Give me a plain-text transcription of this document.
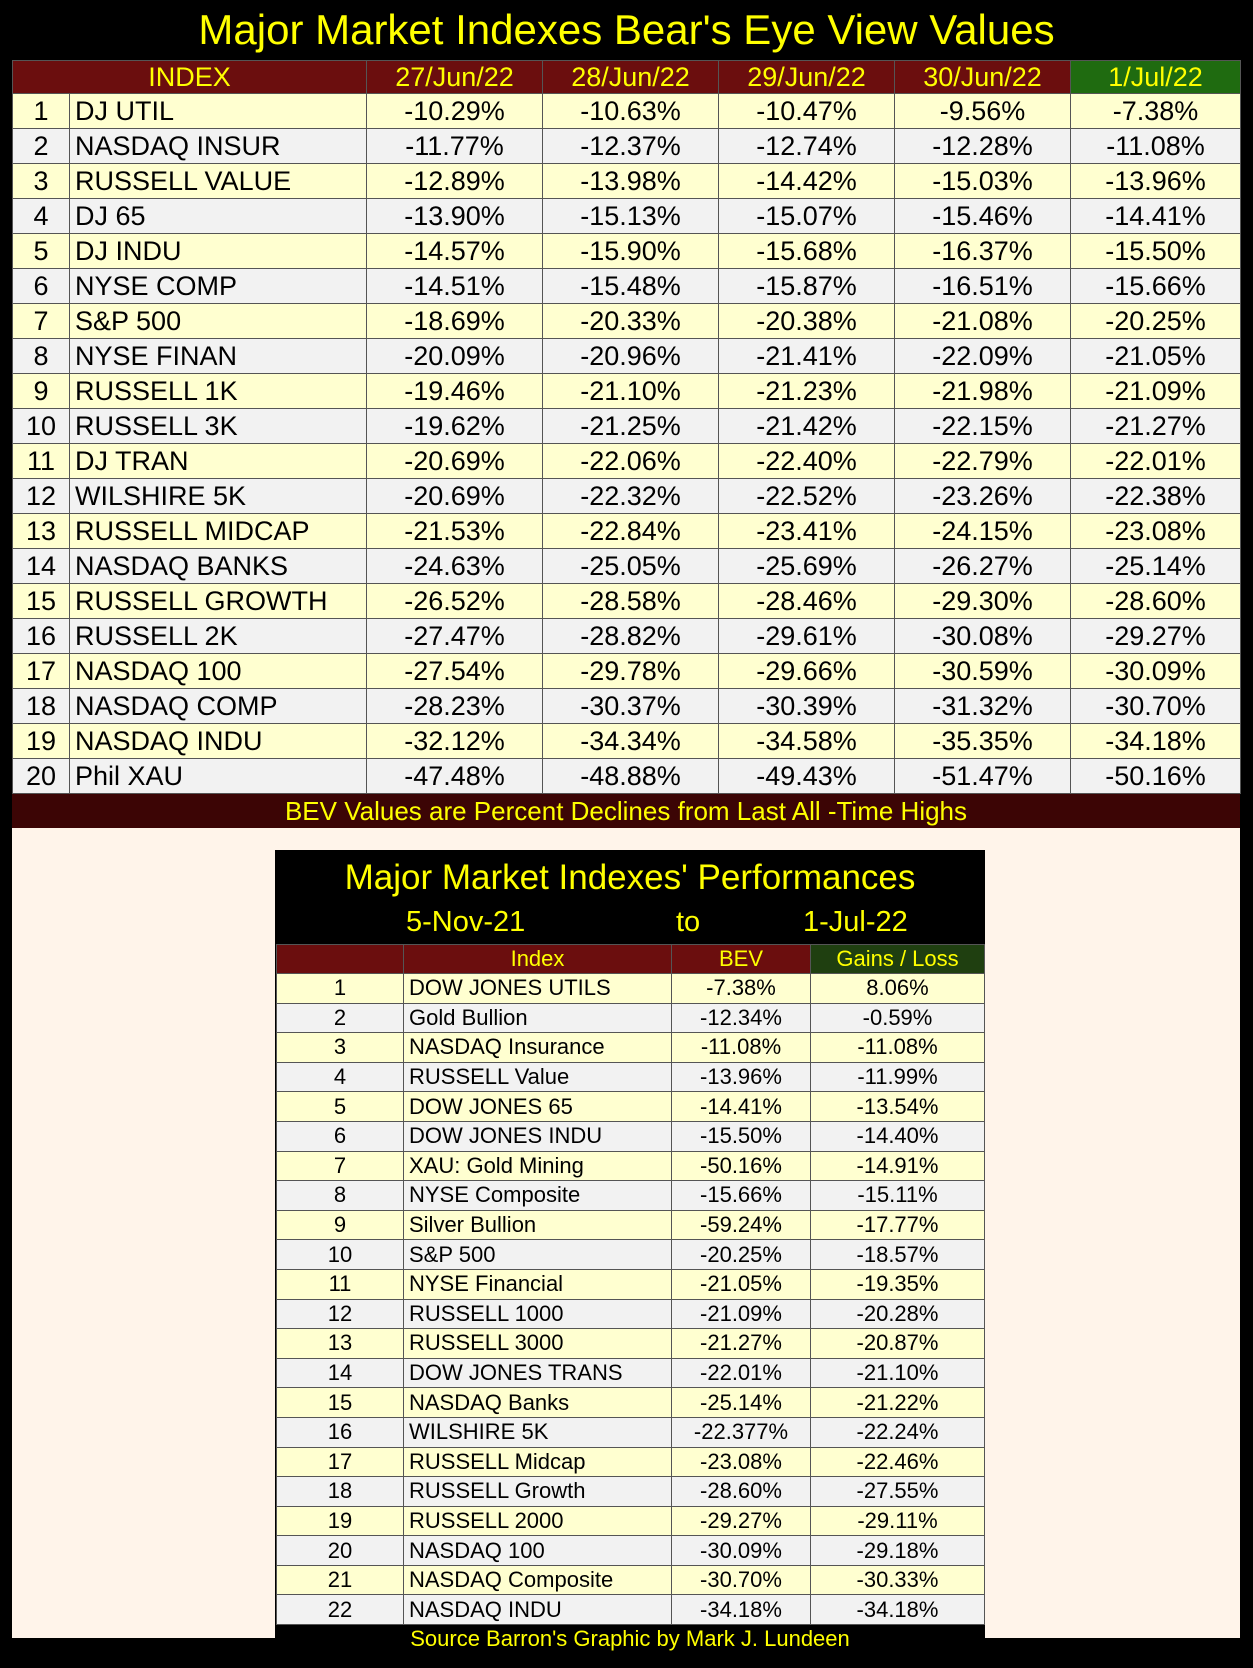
Major Market Indexes Bear's Eye View Values
INDEX		27/Jun/22	28/Jun/22	29/Jun/22	30/Jun/22	1/Jul/22
1	DJ UTIL	-10.29%	-10.63%	-10.47%	-9.56%	-7.38%
2	NASDAQ INSUR	-11.77%	-12.37%	-12.74%	-12.28%	-11.08%
3	RUSSELL VALUE	-12.89%	-13.98%	-14.42%	-15.03%	-13.96%
4	DJ 65	-13.90%	-15.13%	-15.07%	-15.46%	-14.41%
5	DJ INDU	-14.57%	-15.90%	-15.68%	-16.37%	-15.50%
6	NYSE COMP	-14.51%	-15.48%	-15.87%	-16.51%	-15.66%
7	S&P 500	-18.69%	-20.33%	-20.38%	-21.08%	-20.25%
8	NYSE FINAN	-20.09%	-20.96%	-21.41%	-22.09%	-21.05%
9	RUSSELL 1K	-19.46%	-21.10%	-21.23%	-21.98%	-21.09%
10	RUSSELL 3K	-19.62%	-21.25%	-21.42%	-22.15%	-21.27%
11	DJ TRAN	-20.69%	-22.06%	-22.40%	-22.79%	-22.01%
12	WILSHIRE 5K	-20.69%	-22.32%	-22.52%	-23.26%	-22.38%
13	RUSSELL MIDCAP	-21.53%	-22.84%	-23.41%	-24.15%	-23.08%
14	NASDAQ BANKS	-24.63%	-25.05%	-25.69%	-26.27%	-25.14%
15	RUSSELL GROWTH	-26.52%	-28.58%	-28.46%	-29.30%	-28.60%
16	RUSSELL 2K	-27.47%	-28.82%	-29.61%	-30.08%	-29.27%
17	NASDAQ 100	-27.54%	-29.78%	-29.66%	-30.59%	-30.09%
18	NASDAQ COMP	-28.23%	-30.37%	-30.39%	-31.32%	-30.70%
19	NASDAQ INDU	-32.12%	-34.34%	-34.58%	-35.35%	-34.18%
20	Phil XAU	-47.48%	-48.88%	-49.43%	-51.47%	-50.16%
BEV Values are Percent Declines from Last All -Time Highs
Major Market Indexes' Performances
5-Nov-21	to	1-Jul-22
	Index	BEV	Gains / Loss
1	DOW JONES UTILS	-7.38%	8.06%
2	Gold Bullion	-12.34%	-0.59%
3	NASDAQ Insurance	-11.08%	-11.08%
4	RUSSELL Value	-13.96%	-11.99%
5	DOW JONES 65	-14.41%	-13.54%
6	DOW JONES INDU	-15.50%	-14.40%
7	XAU: Gold Mining	-50.16%	-14.91%
8	NYSE Composite	-15.66%	-15.11%
9	Silver Bullion	-59.24%	-17.77%
10	S&P 500	-20.25%	-18.57%
11	NYSE Financial	-21.05%	-19.35%
12	RUSSELL 1000	-21.09%	-20.28%
13	RUSSELL 3000	-21.27%	-20.87%
14	DOW JONES TRANS	-22.01%	-21.10%
15	NASDAQ Banks	-25.14%	-21.22%
16	WILSHIRE 5K	-22.377%	-22.24%
17	RUSSELL Midcap	-23.08%	-22.46%
18	RUSSELL Growth	-28.60%	-27.55%
19	RUSSELL 2000	-29.27%	-29.11%
20	NASDAQ 100	-30.09%	-29.18%
21	NASDAQ Composite	-30.70%	-30.33%
22	NASDAQ INDU	-34.18%	-34.18%
Source Barron's Graphic by Mark J. Lundeen
